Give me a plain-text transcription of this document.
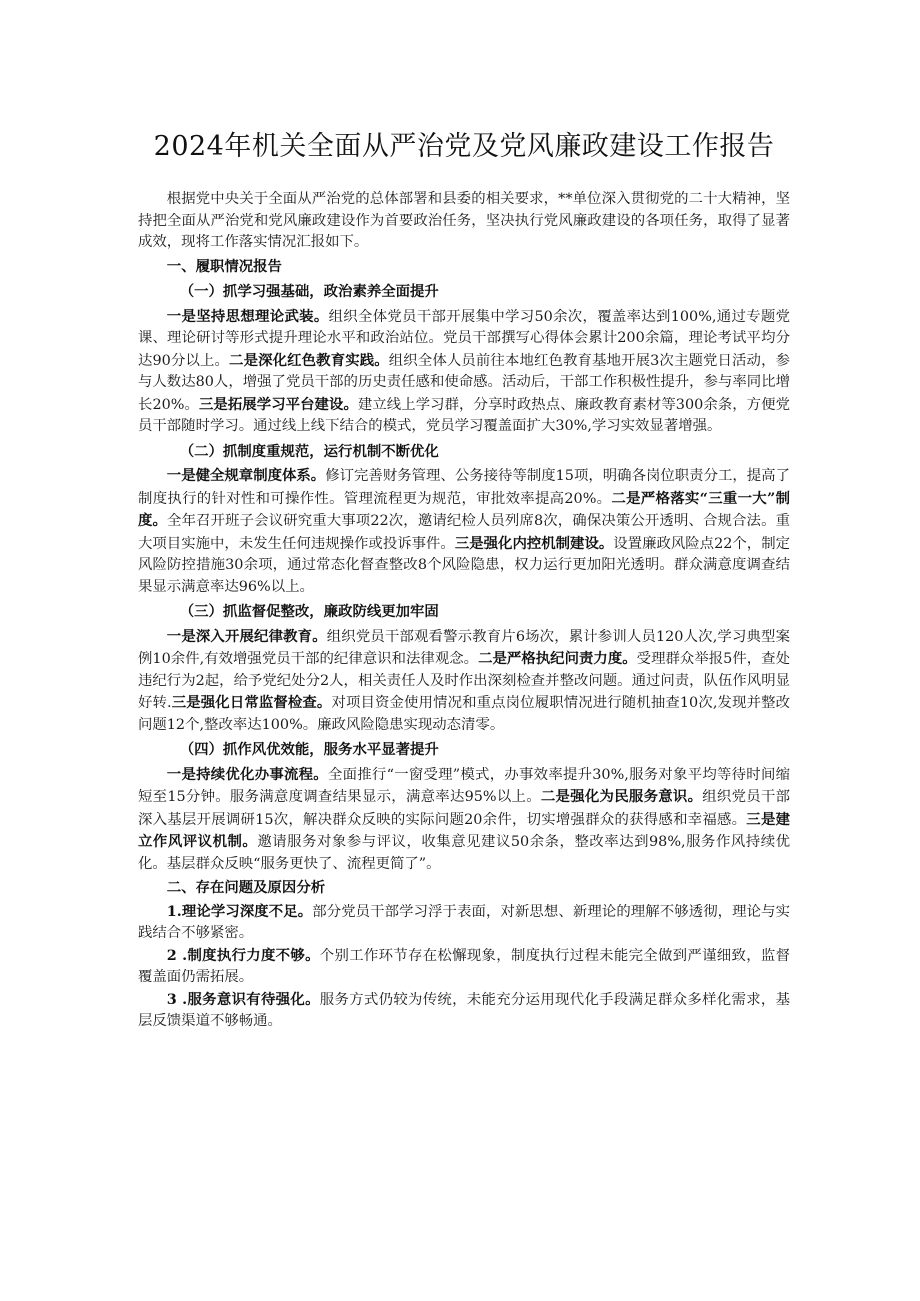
2024年机关全面从严治党及党风廉政建设工作报告

根据党中央关于全面从严治党的总体部署和县委的相关要求，**单位深入贯彻党的二十大精神，坚持把全面从严治党和党风廉政建设作为首要政治任务，坚决执行党风廉政建设的各项任务，取得了显著成效，现将工作落实情况汇报如下。

一、履职情况报告

（一）抓学习强基础，政治素养全面提升

一是坚持思想理论武装。组织全体党员干部开展集中学习50余次，覆盖率达到100%,通过专题党课、理论研讨等形式提升理论水平和政治站位。党员干部撰写心得体会累计200余篇，理论考试平均分达90分以上。二是深化红色教育实践。组织全体人员前往本地红色教育基地开展3次主题党日活动，参与人数达80人，增强了党员干部的历史责任感和使命感。活动后，干部工作积极性提升，参与率同比增长20%。三是拓展学习平台建设。建立线上学习群，分享时政热点、廉政教育素材等300余条，方便党员干部随时学习。通过线上线下结合的模式，党员学习覆盖面扩大30%,学习实效显著增强。

（二）抓制度重规范，运行机制不断优化

一是健全规章制度体系。修订完善财务管理、公务接待等制度15项，明确各岗位职责分工，提高了制度执行的针对性和可操作性。管理流程更为规范，审批效率提高20%。二是严格落实“三重一大”制度。全年召开班子会议研究重大事项22次，邀请纪检人员列席8次，确保决策公开透明、合规合法。重大项目实施中，未发生任何违规操作或投诉事件。三是强化内控机制建设。设置廉政风险点22个，制定风险防控措施30余项，通过常态化督查整改8个风险隐患，权力运行更加阳光透明。群众满意度调查结果显示满意率达96%以上。

（三）抓监督促整改，廉政防线更加牢固

一是深入开展纪律教育。组织党员干部观看警示教育片6场次，累计参训人员120人次,学习典型案例10余件,有效增强党员干部的纪律意识和法律观念。二是严格执纪问责力度。受理群众举报5件，查处违纪行为2起，给予党纪处分2人，相关责任人及时作出深刻检查并整改问题。通过问责，队伍作风明显好转.三是强化日常监督检查。对项目资金使用情况和重点岗位履职情况进行随机抽查10次,发现并整改问题12个,整改率达100%。廉政风险隐患实现动态清零。

（四）抓作风优效能，服务水平显著提升

一是持续优化办事流程。全面推行“一窗受理”模式，办事效率提升30%,服务对象平均等待时间缩短至15分钟。服务满意度调查结果显示，满意率达95%以上。二是强化为民服务意识。组织党员干部深入基层开展调研15次，解决群众反映的实际问题20余件，切实增强群众的获得感和幸福感。三是建立作风评议机制。邀请服务对象参与评议，收集意见建议50余条，整改率达到98%,服务作风持续优化。基层群众反映“服务更快了、流程更简了”。

二、存在问题及原因分析

1.理论学习深度不足。部分党员干部学习浮于表面，对新思想、新理论的理解不够透彻，理论与实践结合不够紧密。

2 .制度执行力度不够。个别工作环节存在松懈现象，制度执行过程未能完全做到严谨细致，监督覆盖面仍需拓展。

3 .服务意识有待强化。服务方式仍较为传统，未能充分运用现代化手段满足群众多样化需求，基层反馈渠道不够畅通。
